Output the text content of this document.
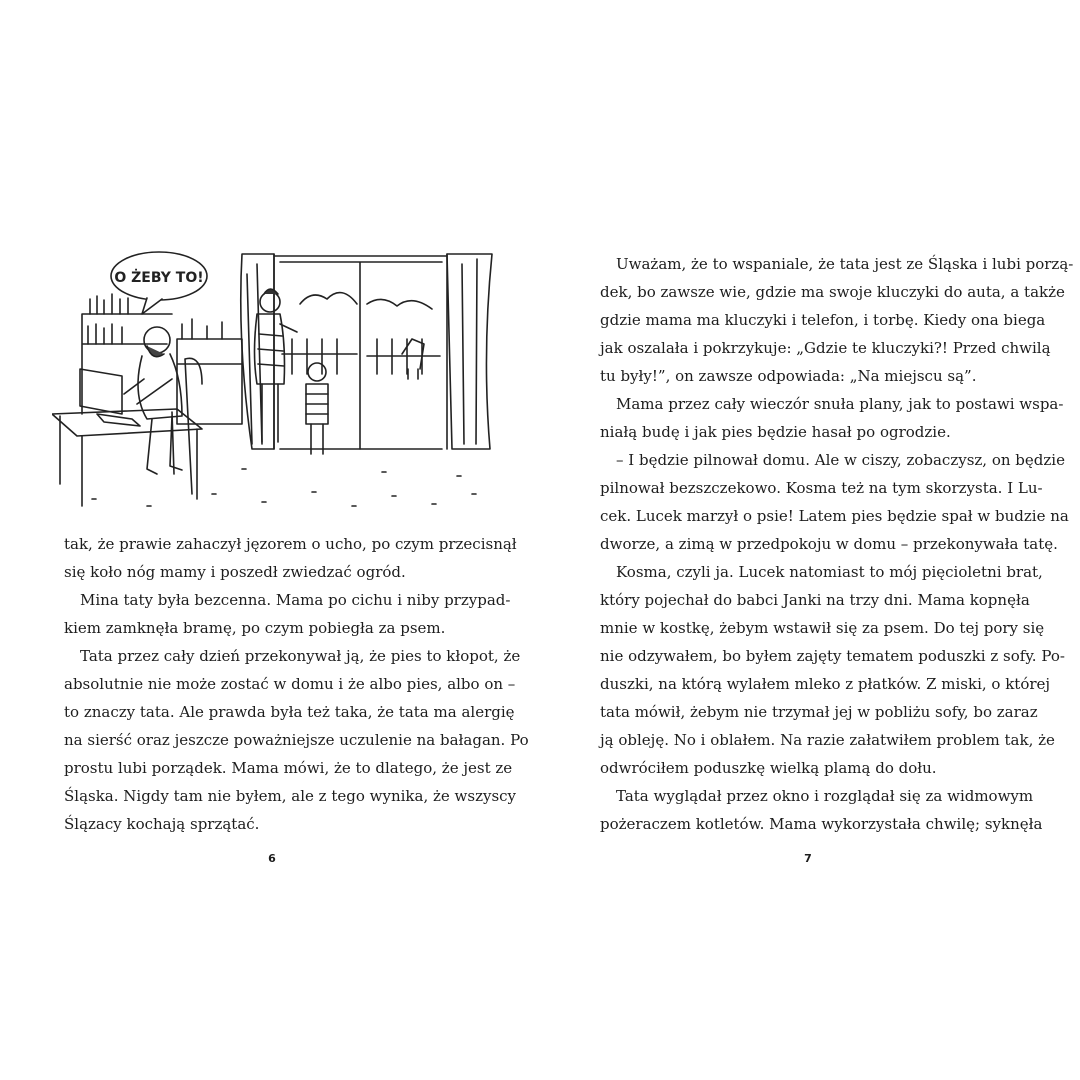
O ŻEBY TO!
tak, że prawie zahaczył jęzorem o ucho, po czym przecisnął
się koło nóg mamy i poszedł zwiedzać ogród.
Mina taty była bezcenna. Mama po cichu i niby przypad-
kiem zamknęła bramę, po czym pobiegła za psem.
Tata przez cały dzień przekonywał ją, że pies to kłopot, że
absolutnie nie może zostać w domu i że albo pies, albo on –
to znaczy tata. Ale prawda była też taka, że tata ma alergię
na sierść oraz jeszcze poważniejsze uczulenie na bałagan. Po
prostu lubi porządek. Mama mówi, że to dlatego, że jest ze
Śląska. Nigdy tam nie byłem, ale z tego wynika, że wszyscy
Ślązacy kochają sprzątać.
6
Uważam, że to wspaniale, że tata jest ze Śląska i lubi porzą-
dek, bo zawsze wie, gdzie ma swoje kluczyki do auta, a także
gdzie mama ma kluczyki i telefon, i torbę. Kiedy ona biega
jak oszalała i pokrzykuje: „Gdzie te kluczyki?! Przed chwilą
tu były!”, on zawsze odpowiada: „Na miejscu są”.
Mama przez cały wieczór snuła plany, jak to postawi wspa-
niałą budę i jak pies będzie hasał po ogrodzie.
– I będzie pilnował domu. Ale w ciszy, zobaczysz, on będzie
pilnował bezszczekowo. Kosma też na tym skorzysta. I Lu-
cek. Lucek marzył o psie! Latem pies będzie spał w budzie na
dworze, a zimą w przedpokoju w domu – przekonywała tatę.
Kosma, czyli ja. Lucek natomiast to mój pięcioletni brat,
który pojechał do babci Janki na trzy dni. Mama kopnęła
mnie w kostkę, żebym wstawił się za psem. Do tej pory się
nie odzywałem, bo byłem zajęty tematem poduszki z sofy. Po-
duszki, na którą wylałem mleko z płatków. Z miski, o której
tata mówił, żebym nie trzymał jej w pobliżu sofy, bo zaraz
ją obleję. No i oblałem. Na razie załatwiłem problem tak, że
odwróciłem poduszkę wielką plamą do dołu.
Tata wyglądał przez okno i rozglądał się za widmowym
pożeraczem kotletów. Mama wykorzystała chwilę; syknęła
7
